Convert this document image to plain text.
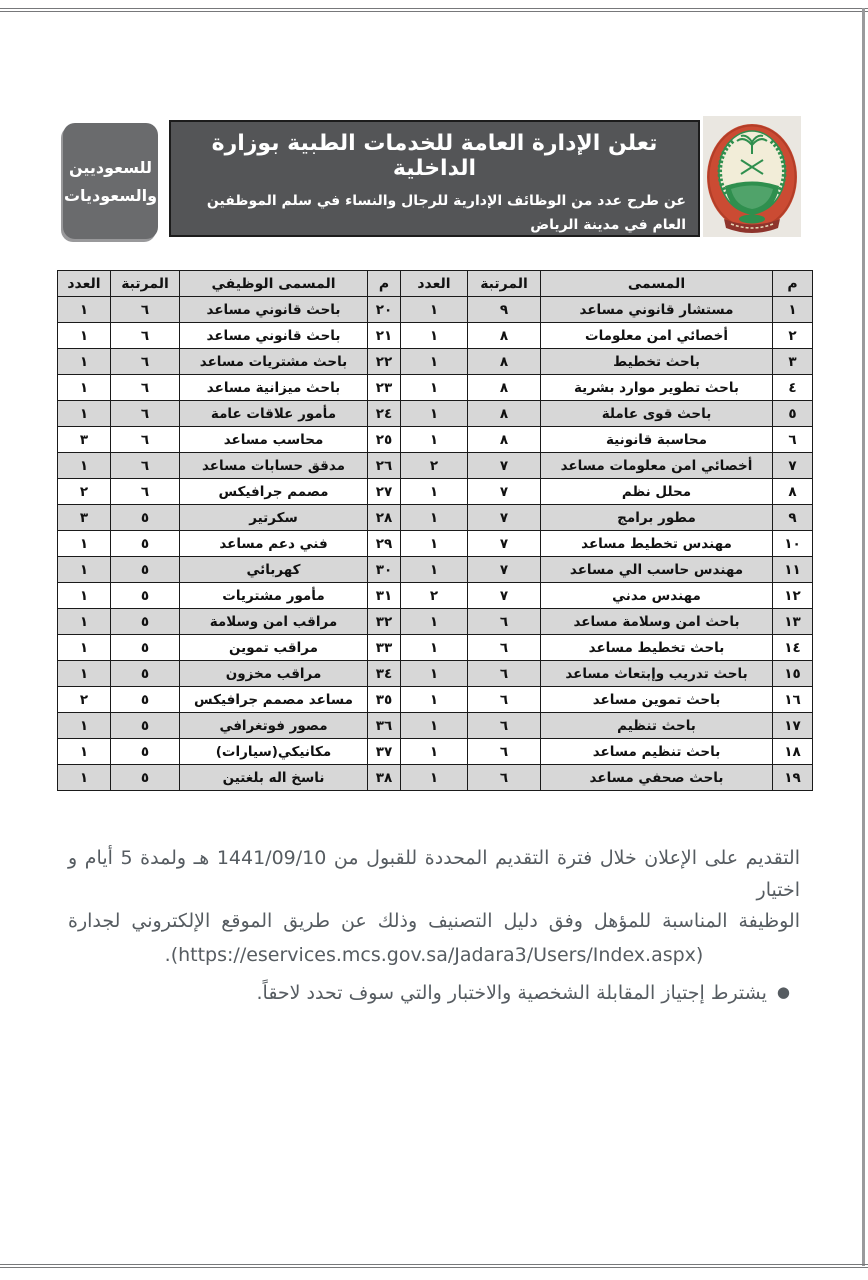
للسعوديين
والسعوديات
تعلن الإدارة العامة للخدمات الطبية بوزارة الداخلية
عن طرح عدد من الوظائف الإدارية للرجال والنساء في سلم الموظفين العام في مدينة الرياض
عن طريق موقع جدارة
م	المسمى	المرتبة	العدد	م	المسمى الوظيفي	المرتبة	العدد
١	مستشار قانوني مساعد	٩	١	٢٠	باحث قانوني مساعد	٦	١
٢	أخصائي امن معلومات	٨	١	٢١	باحث قانوني مساعد	٦	١
٣	باحث تخطيط	٨	١	٢٢	باحث مشتريات مساعد	٦	١
٤	باحث تطوير موارد بشرية	٨	١	٢٣	باحث ميزانية مساعد	٦	١
٥	باحث قوى عاملة	٨	١	٢٤	مأمور علاقات عامة	٦	١
٦	محاسبة قانونية	٨	١	٢٥	محاسب مساعد	٦	٣
٧	أخصائي امن معلومات مساعد	٧	٢	٢٦	مدقق حسابات مساعد	٦	١
٨	محلل نظم	٧	١	٢٧	مصمم جرافيكس	٦	٢
٩	مطور برامج	٧	١	٢٨	سكرتير	٥	٣
١٠	مهندس تخطيط مساعد	٧	١	٢٩	فني دعم مساعد	٥	١
١١	مهندس حاسب الي مساعد	٧	١	٣٠	كهربائي	٥	١
١٢	مهندس مدني	٧	٢	٣١	مأمور مشتريات	٥	١
١٣	باحث امن وسلامة مساعد	٦	١	٣٢	مراقب امن وسلامة	٥	١
١٤	باحث تخطيط مساعد	٦	١	٣٣	مراقب تموين	٥	١
١٥	باحث تدريب وإبتعاث مساعد	٦	١	٣٤	مراقب مخزون	٥	١
١٦	باحث تموين مساعد	٦	١	٣٥	مساعد مصمم جرافيكس	٥	٢
١٧	باحث تنظيم	٦	١	٣٦	مصور فوتغرافي	٥	١
١٨	باحث تنظيم مساعد	٦	١	٣٧	مكانيكي(سيارات)	٥	١
١٩	باحث صحفي مساعد	٦	١	٣٨	ناسخ اله بلغتين	٥	١
التقديم على الإعلان خلال فترة التقديم المحددة للقبول من 1441/09/10 هـ ولمدة 5 أيام و اختيار
الوظيفة المناسبة للمؤهل وفق دليل التصنيف وذلك عن طريق الموقع الإلكتروني لجدارة
(https://eservices.mcs.gov.sa/Jadara3/Users/Index.aspx).
●يشترط إجتياز المقابلة الشخصية والاختبار والتي سوف تحدد لاحقاً.
